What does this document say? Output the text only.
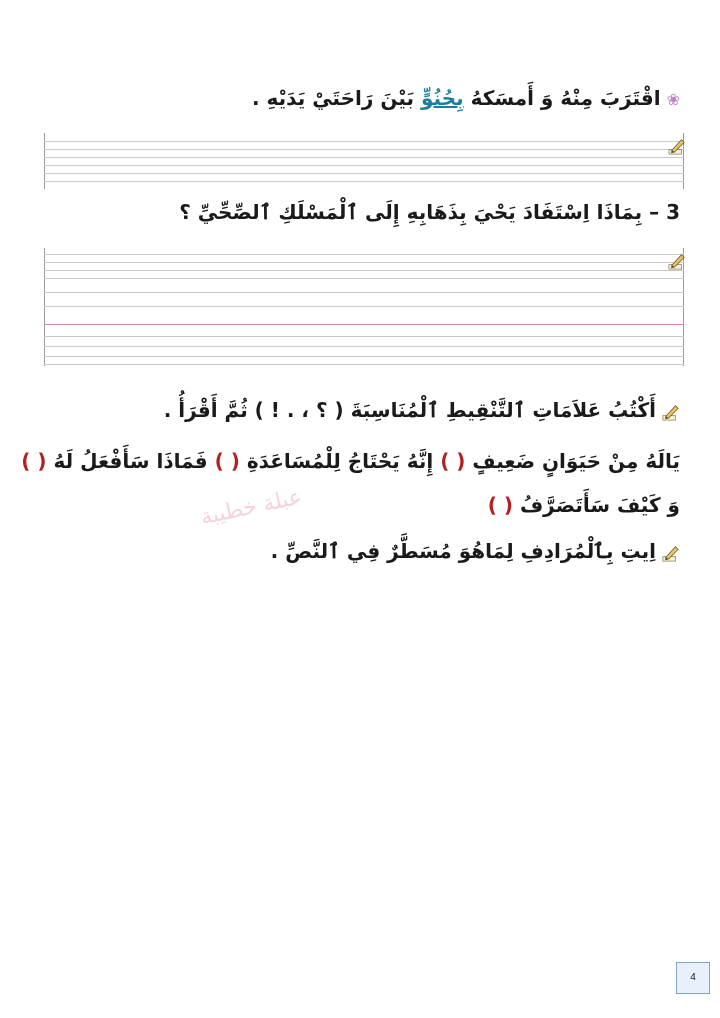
❀اقْتَرَبَ مِنْهُ وَ أَمسَكهُ بِحُنُوٍّ بَيْنَ رَاحَتَيْ يَدَيْهِ .
3 – بِمَاذَا اِسْتَفَادَ يَحْيَ بِذَهَابِهِ إِلَى ٱلْمَسْلَكِ ٱلصِّحِّيِّ ؟
أَكْتُبُ عَلاَمَاتِ ٱلتَّنْقِيطِ ٱلْمُنَاسِبَةَ ( ؟ ، . ! ) ثُمَّ أَقْرَأُ .
يَالَهُ مِنْ حَيَوَانٍ ضَعِيفٍ ( ) إِنَّهُ يَحْتَاجُ لِلْمُسَاعَدَةِ ( ) فَمَاذَا سَأَفْعَلُ لَهُ ( )
وَ كَيْفَ سَأَتَصَرَّفُ ( )
عبلة خطيبة
اِيتِ بِٱلْمُرَادِفِ لِمَاهُوَ مُسَطَّرٌ فِي ٱلنَّصِّ .
4
